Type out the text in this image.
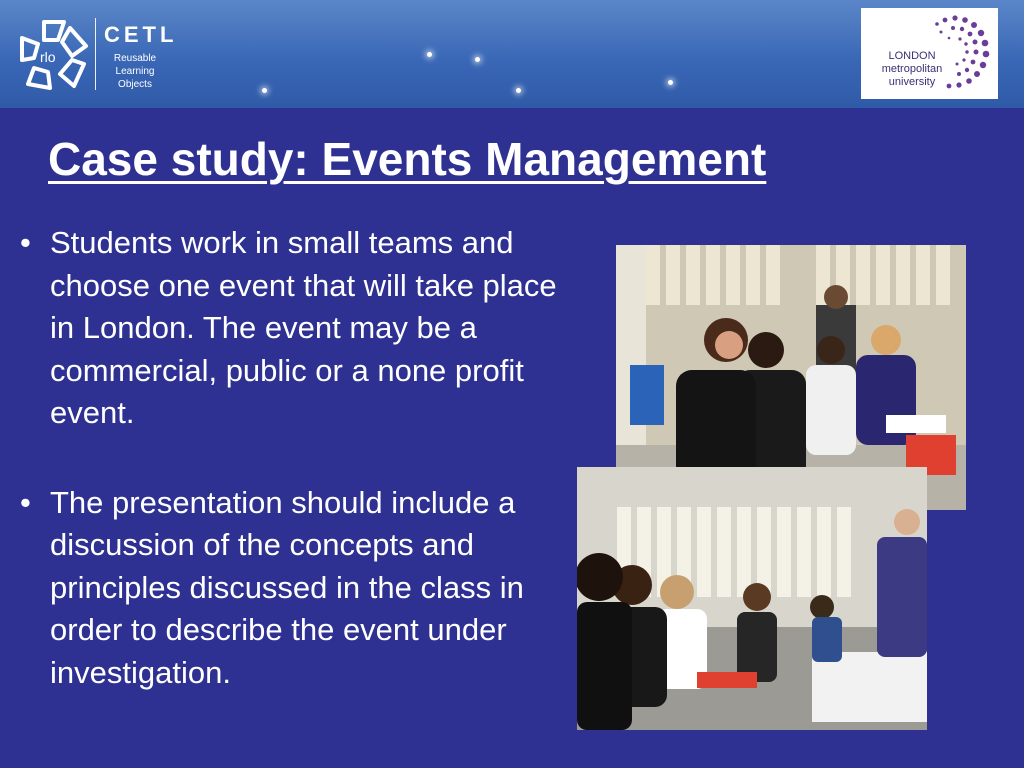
rlo
CETL
Reusable
Learning
Objects
LONDON
metropolitan
university
Case study: Events Management
• Students work in small teams and choose one event that will take place in London. The event may be a commercial, public or a none profit event.
• The presentation should include a discussion of the concepts and principles discussed in the class in order to describe the event under investigation.
